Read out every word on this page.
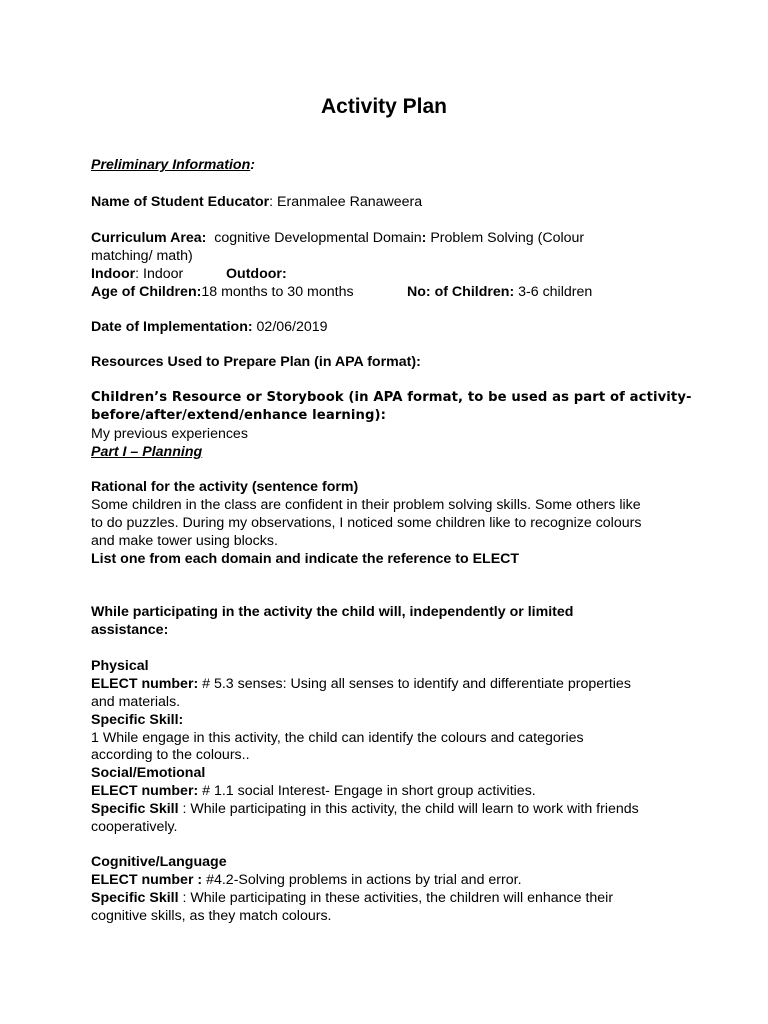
Activity Plan
Preliminary Information:
Name of Student Educator: Eranmalee Ranaweera
Curriculum Area:  cognitive Developmental Domain: Problem Solving (Colour
matching/ math)
Indoor: Indoor	Outdoor:
Age of Children:18 months to 30 months	No: of Children: 3-6 children
Date of Implementation: 02/06/2019
Resources Used to Prepare Plan (in APA format):
Children’s Resource or Storybook (in APA format, to be used as part of activity-
before/after/extend/enhance learning):
My previous experiences
Part I – Planning
Rational for the activity (sentence form)
Some children in the class are confident in their problem solving skills. Some others like
to do puzzles. During my observations, I noticed some children like to recognize colours
and make tower using blocks.
List one from each domain and indicate the reference to ELECT
While participating in the activity the child will, independently or limited
assistance:
Physical
ELECT number: # 5.3 senses: Using all senses to identify and differentiate properties
and materials.
Specific Skill:
1 While engage in this activity, the child can identify the colours and categories
according to the colours..
Social/Emotional
ELECT number: # 1.1 social Interest- Engage in short group activities.
Specific Skill : While participating in this activity, the child will learn to work with friends
cooperatively.
Cognitive/Language
ELECT number : #4.2-Solving problems in actions by trial and error.
Specific Skill : While participating in these activities, the children will enhance their
cognitive skills, as they match colours.
